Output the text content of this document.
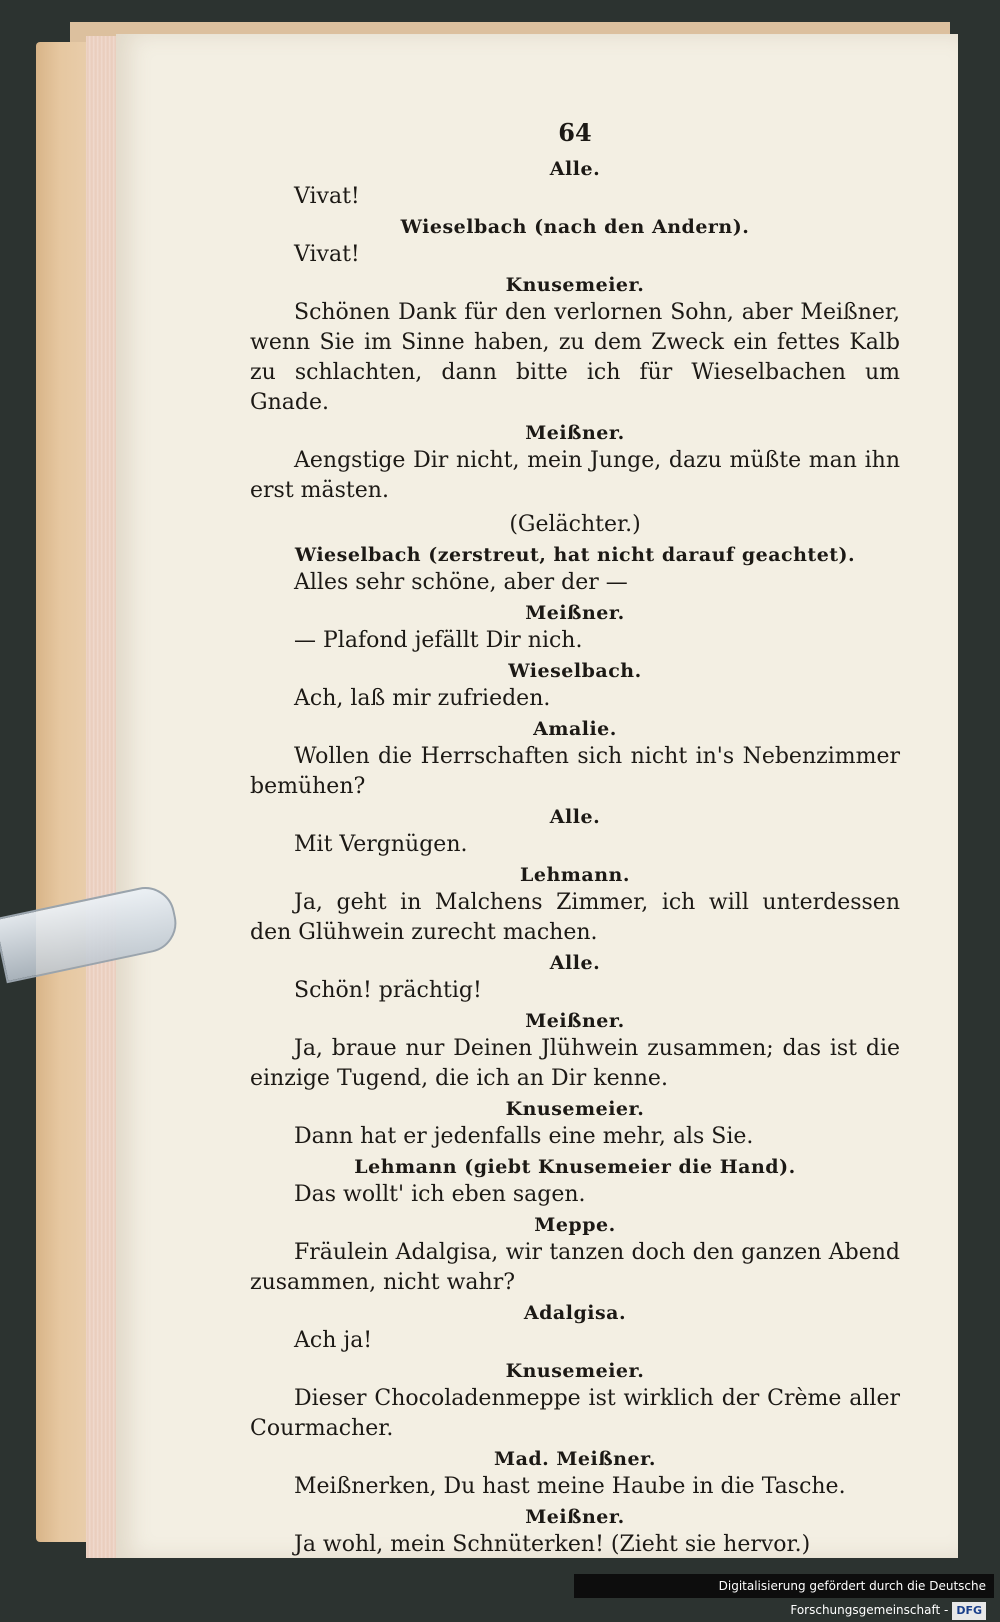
64
Alle.
Vivat!
Wieselbach (nach den Andern).
Vivat!
Knusemeier.
Schönen Dank für den verlornen Sohn, aber Meißner, wenn Sie im Sinne haben, zu dem Zweck ein fettes Kalb zu schlachten, dann bitte ich für Wieselbachen um Gnade.
Meißner.
Aengstige Dir nicht, mein Junge, dazu müßte man ihn erst mästen.
(Gelächter.)
Wieselbach (zerstreut, hat nicht darauf geachtet).
Alles sehr schöne, aber der —
Meißner.
— Plafond jefällt Dir nich.
Wieselbach.
Ach, laß mir zufrieden.
Amalie.
Wollen die Herrschaften sich nicht in's Nebenzimmer bemühen?
Alle.
Mit Vergnügen.
Lehmann.
Ja, geht in Malchens Zimmer, ich will unterdessen den Glühwein zurecht machen.
Alle.
Schön! prächtig!
Meißner.
Ja, braue nur Deinen Jlühwein zusammen; das ist die einzige Tugend, die ich an Dir kenne.
Knusemeier.
Dann hat er jedenfalls eine mehr, als Sie.
Lehmann (giebt Knusemeier die Hand).
Das wollt' ich eben sagen.
Meppe.
Fräulein Adalgisa, wir tanzen doch den ganzen Abend zusammen, nicht wahr?
Adalgisa.
Ach ja!
Knusemeier.
Dieser Chocoladenmeppe ist wirklich der Crème aller Courmacher.
Mad. Meißner.
Meißnerken, Du hast meine Haube in die Tasche.
Meißner.
Ja wohl, mein Schnüterken! (Zieht sie hervor.)
Digitalisierung gefördert durch die Deutsche Forschungsgemeinschaft - DFG
